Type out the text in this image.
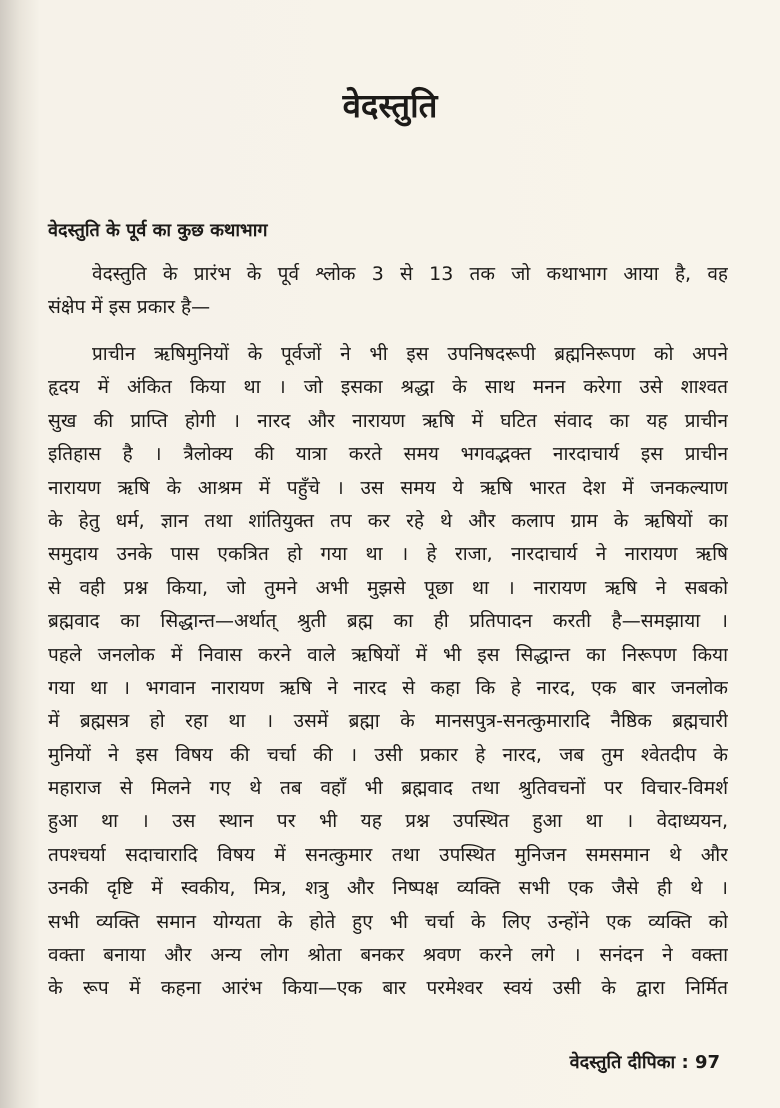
वेदस्तुति
वेदस्तुति के पूर्व का कुछ कथाभाग
वेदस्तुति के प्रारंभ के पूर्व श्लोक 3 से 13 तक जो कथाभाग आया है, वह
संक्षेप में इस प्रकार है—
प्राचीन ऋषिमुनियों के पूर्वजों ने भी इस उपनिषदरूपी ब्रह्मनिरूपण को अपने
हृदय में अंकित किया था । जो इसका श्रद्धा के साथ मनन करेगा उसे शाश्वत
सुख की प्राप्ति होगी । नारद और नारायण ऋषि में घटित संवाद का यह प्राचीन
इतिहास है । त्रैलोक्य की यात्रा करते समय भगवद्भक्त नारदाचार्य इस प्राचीन
नारायण ऋषि के आश्रम में पहुँचे । उस समय ये ऋषि भारत देश में जनकल्याण
के हेतु धर्म, ज्ञान तथा शांतियुक्त तप कर रहे थे और कलाप ग्राम के ऋषियों का
समुदाय उनके पास एकत्रित हो गया था । हे राजा, नारदाचार्य ने नारायण ऋषि
से वही प्रश्न किया, जो तुमने अभी मुझसे पूछा था । नारायण ऋषि ने सबको
ब्रह्मवाद का सिद्धान्त—अर्थात् श्रुती ब्रह्म का ही प्रतिपादन करती है—समझाया ।
पहले जनलोक में निवास करने वाले ऋषियों में भी इस सिद्धान्त का निरूपण किया
गया था । भगवान नारायण ऋषि ने नारद से कहा कि हे नारद, एक बार जनलोक
में ब्रह्मसत्र हो रहा था । उसमें ब्रह्मा के मानसपुत्र-सनत्कुमारादि नैष्ठिक ब्रह्मचारी
मुनियों ने इस विषय की चर्चा की । उसी प्रकार हे नारद, जब तुम श्वेतदीप के
महाराज से मिलने गए थे तब वहाँ भी ब्रह्मवाद तथा श्रुतिवचनों पर विचार-विमर्श
हुआ था । उस स्थान पर भी यह प्रश्न उपस्थित हुआ था । वेदाध्ययन,
तपश्चर्या सदाचारादि विषय में सनत्कुमार तथा उपस्थित मुनिजन समसमान थे और
उनकी दृष्टि में स्वकीय, मित्र, शत्रु और निष्पक्ष व्यक्ति सभी एक जैसे ही थे ।
सभी व्यक्ति समान योग्यता के होते हुए भी चर्चा के लिए उन्होंने एक व्यक्ति को
वक्ता बनाया और अन्य लोग श्रोता बनकर श्रवण करने लगे । सनंदन ने वक्ता
के रूप में कहना आरंभ किया—एक बार परमेश्वर स्वयं उसी के द्वारा निर्मित
वेदस्तुति दीपिका : 97
